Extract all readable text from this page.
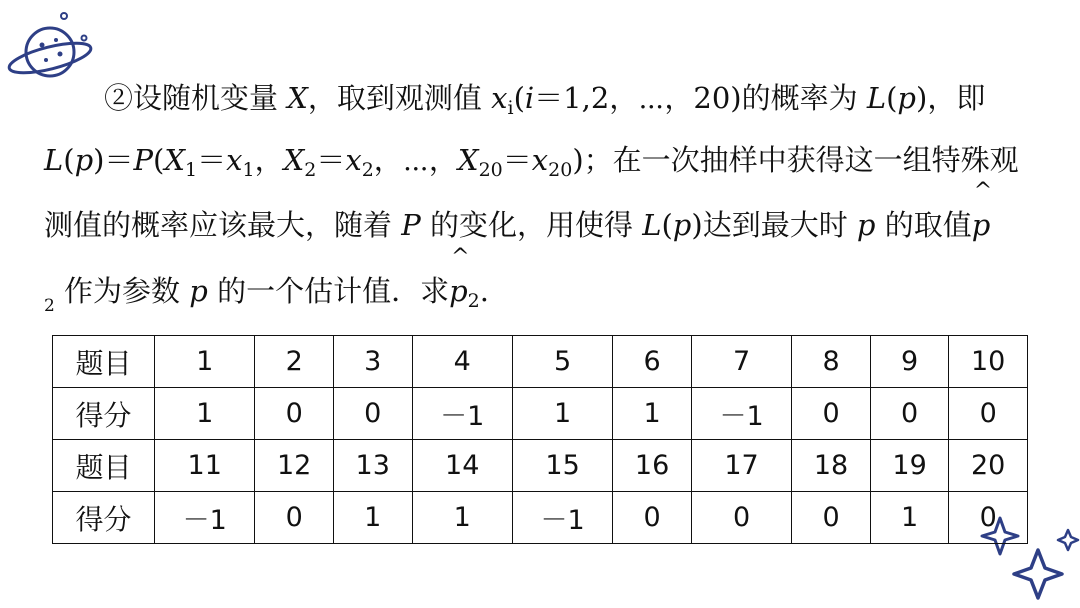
②设随机变量 X，取到观测值 $x_i(i=1,2$，⋯，20)的概率为 L(p)，即
$L(p)=P(X_1=x_1$，$X_2=x_2$，⋯，$X_{20}=x_{20}$)；在一次抽样中获得这一组特殊观
测值的概率应该最大，随着 P 的变化，用使得 L(p)达到最大时 p 的取值
^
p
$_2$ 作为参数 p 的一个估计值．求
^
$p_2$.
题目	1	2	3	4	5	6	7	8	9	10
得分	1	0	0	－1	1	1	－1	0	0	0
题目	11	12	13	14	15	16	17	18	19	20
得分	－1	0	1	1	－1	0	0	0	1	0
